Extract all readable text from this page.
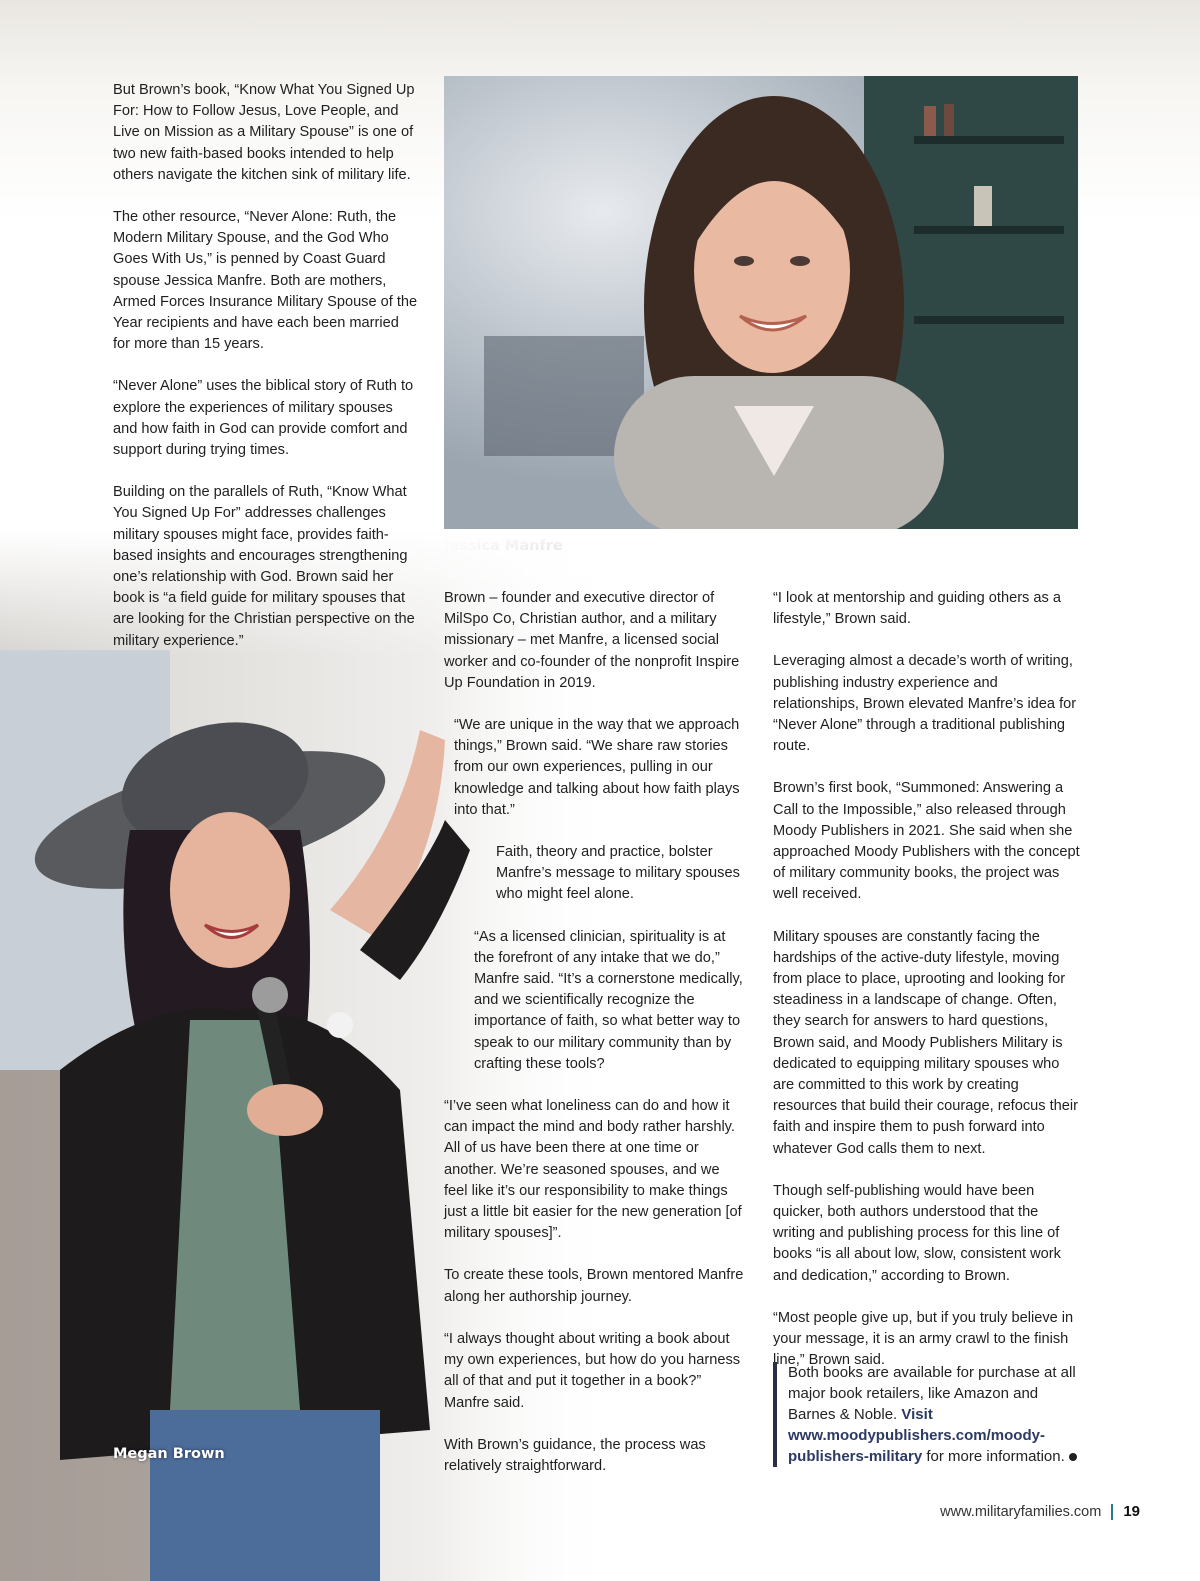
Megan Brown

But Brown’s book, “Know What You Signed Up For: How to Follow Jesus, Love People, and Live on Mission as a Military Spouse” is one of two new faith-based books intended to help others navigate the kitchen sink of military life.

The other resource, “Never Alone: Ruth, the Modern Military Spouse, and the God Who Goes With Us,” is penned by Coast Guard spouse Jessica Manfre. Both are mothers, Armed Forces Insurance Military Spouse of the Year recipients and have each been married for more than 15 years.

“Never Alone” uses the biblical story of Ruth to explore the experiences of military spouses and how faith in God can provide comfort and support during trying times.

Building on the parallels of Ruth, “Know What You Signed Up For” addresses challenges military spouses might face, provides faith-based insights and encourages strengthening one’s relationship with God. Brown said her book is “a field guide for military spouses that are looking for the Christian perspective on the military experience.”

Brown – founder and executive director of MilSpo Co, Christian author, and a military missionary – met Manfre, a licensed social worker and co-founder of the nonprofit Inspire Up Foundation in 2019.

“We are unique in the way that we approach things,” Brown said. “We share raw stories from our own experiences, pulling in our knowledge and talking about how faith plays into that.”

Faith, theory and practice, bolster Manfre’s message to military spouses who might feel alone.

“As a licensed clinician, spirituality is at the forefront of any intake that we do,” Manfre said. “It’s a cornerstone medically, and we scientifically recognize the importance of faith, so what better way to speak to our military community than by crafting these tools?

“I’ve seen what loneliness can do and how it can impact the mind and body rather harshly. All of us have been there at one time or another. We’re seasoned spouses, and we feel like it’s our responsibility to make things just a little bit easier for the new generation [of military spouses]”.

To create these tools, Brown mentored Manfre along her authorship journey.

“I always thought about writing a book about my own experiences, but how do you harness all of that and put it together in a book?” Manfre said.

With Brown’s guidance, the process was relatively straightforward.

“I look at mentorship and guiding others as a lifestyle,” Brown said.

Leveraging almost a decade’s worth of writing, publishing industry experience and relationships, Brown elevated Manfre’s idea for “Never Alone” through a traditional publishing route.

Brown’s first book, “Summoned: Answering a Call to the Impossible,” also released through Moody Publishers in 2021. She said when she approached Moody Publishers with the concept of military community books, the project was well received.

Military spouses are constantly facing the hardships of the active-duty lifestyle, moving from place to place, uprooting and looking for steadiness in a landscape of change. Often, they search for answers to hard questions, Brown said, and Moody Publishers Military is dedicated to equipping military spouses who are committed to this work by creating resources that build their courage, refocus their faith and inspire them to push forward into whatever God calls them to next.

Though self-publishing would have been quicker, both authors understood that the writing and publishing process for this line of books “is all about low, slow, consistent work and dedication,” according to Brown.

“Most people give up, but if you truly believe in your message, it is an army crawl to the finish line,” Brown said.

Both books are available for purchase at all major book retailers, like Amazon and Barnes & Noble. Visit www.moodypublishers.com/moody-publishers-military for more information.
www.militaryfamilies.com 19
